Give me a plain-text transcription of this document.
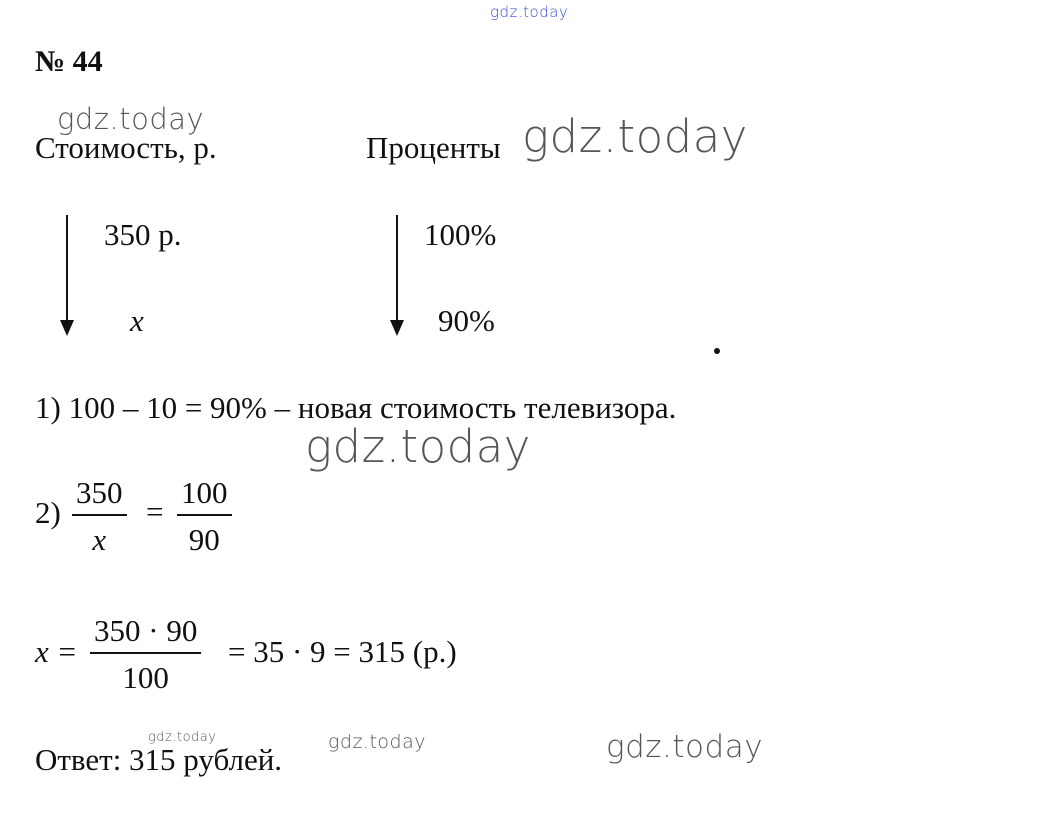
gdz.today
gdz.today	gdz.today
gdz.today
gdz.today	gdz.today	gdz.today
№ 44
Стоимость, р.	Проценты
350 р.
x
100%
90%
1) 100 – 10 = 90% – новая стоимость телевизора.
2)
350
x
=
100
90
x =
350 · 90
100
= 35 · 9 = 315 (р.)
Ответ: 315 рублей.
